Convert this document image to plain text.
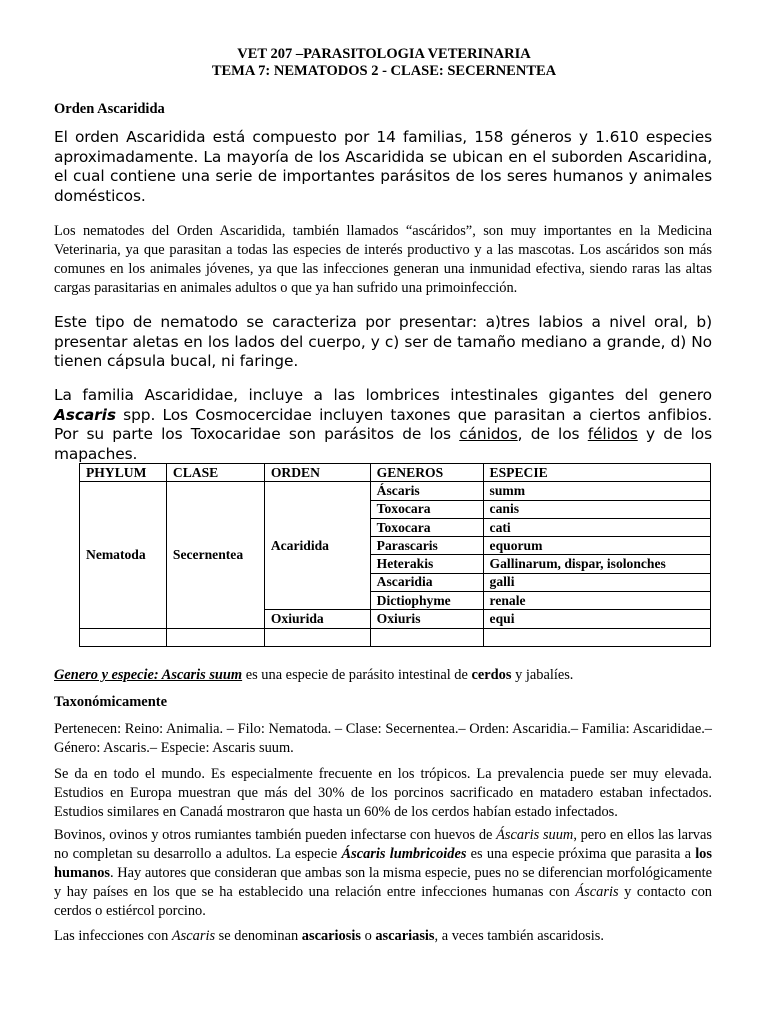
VET 207 –PARASITOLOGIA VETERINARIA
TEMA 7: NEMATODOS 2 - CLASE: SECERNENTEA
Orden Ascaridida
El orden Ascaridida está compuesto por 14 familias, 158 géneros y 1.610 especies aproximadamente. La mayoría de los Ascaridida se ubican en el suborden Ascaridina, el cual contiene una serie de importantes parásitos de los seres humanos y animales domésticos.
Los nematodes del Orden Ascaridida, también llamados “ascáridos”, son muy importantes en la Medicina Veterinaria, ya que parasitan a todas las especies de interés productivo y a las mascotas. Los ascáridos son más comunes en los animales jóvenes, ya que las infecciones generan una inmunidad efectiva, siendo raras las altas cargas parasitarias en animales adultos o que ya han sufrido una primoinfección.
Este tipo de nematodo se caracteriza por presentar: a)tres labios a nivel oral, b) presentar aletas en los lados del cuerpo, y c) ser de tamaño mediano a grande, d) No tienen cápsula bucal, ni faringe.
La familia Ascarididae, incluye a las lombrices intestinales gigantes del genero Ascaris spp. Los Cosmocercidae incluyen taxones que parasitan a ciertos anfibios. Por su parte los Toxocaridae son parásitos de los cánidos, de los félidos y de los mapaches.
PHYLUM	CLASE	ORDEN	GENEROS	ESPECIE
Nematoda	Secernentea	Acaridida	Áscaris	summ
			Toxocara	canis
			Toxocara	cati
			Parascaris	equorum
			Heterakis	Gallinarum, dispar, isolonches
			Ascaridia	galli
			Dictiophyme	renale
		Oxiurida	Oxiuris	equi

Genero y especie: Ascaris suum es una especie de parásito intestinal de cerdos y jabalíes.
Taxonómicamente
Pertenecen: Reino: Animalia. – Filo: Nematoda. – Clase: Secernentea.– Orden: Ascaridia.– Familia: Ascarididae.– Género: Ascaris.– Especie: Ascaris suum.
Se da en todo el mundo. Es especialmente frecuente en los trópicos. La prevalencia puede ser muy elevada. Estudios en Europa muestran que más del 30% de los porcinos sacrificado en matadero estaban infectados. Estudios similares en Canadá mostraron que hasta un 60% de los cerdos habían estado infectados.
Bovinos, ovinos y otros rumiantes también pueden infectarse con huevos de Áscaris suum, pero en ellos las larvas no completan su desarrollo a adultos. La especie Áscaris lumbricoides es una especie próxima que parasita a los humanos. Hay autores que consideran que ambas son la misma especie, pues no se diferencian morfológicamente y hay países en los que se ha establecido una relación entre infecciones humanas con Áscaris y contacto con cerdos o estiércol porcino.
Las infecciones con Ascaris se denominan ascariosis o ascariasis, a veces también ascaridosis.
